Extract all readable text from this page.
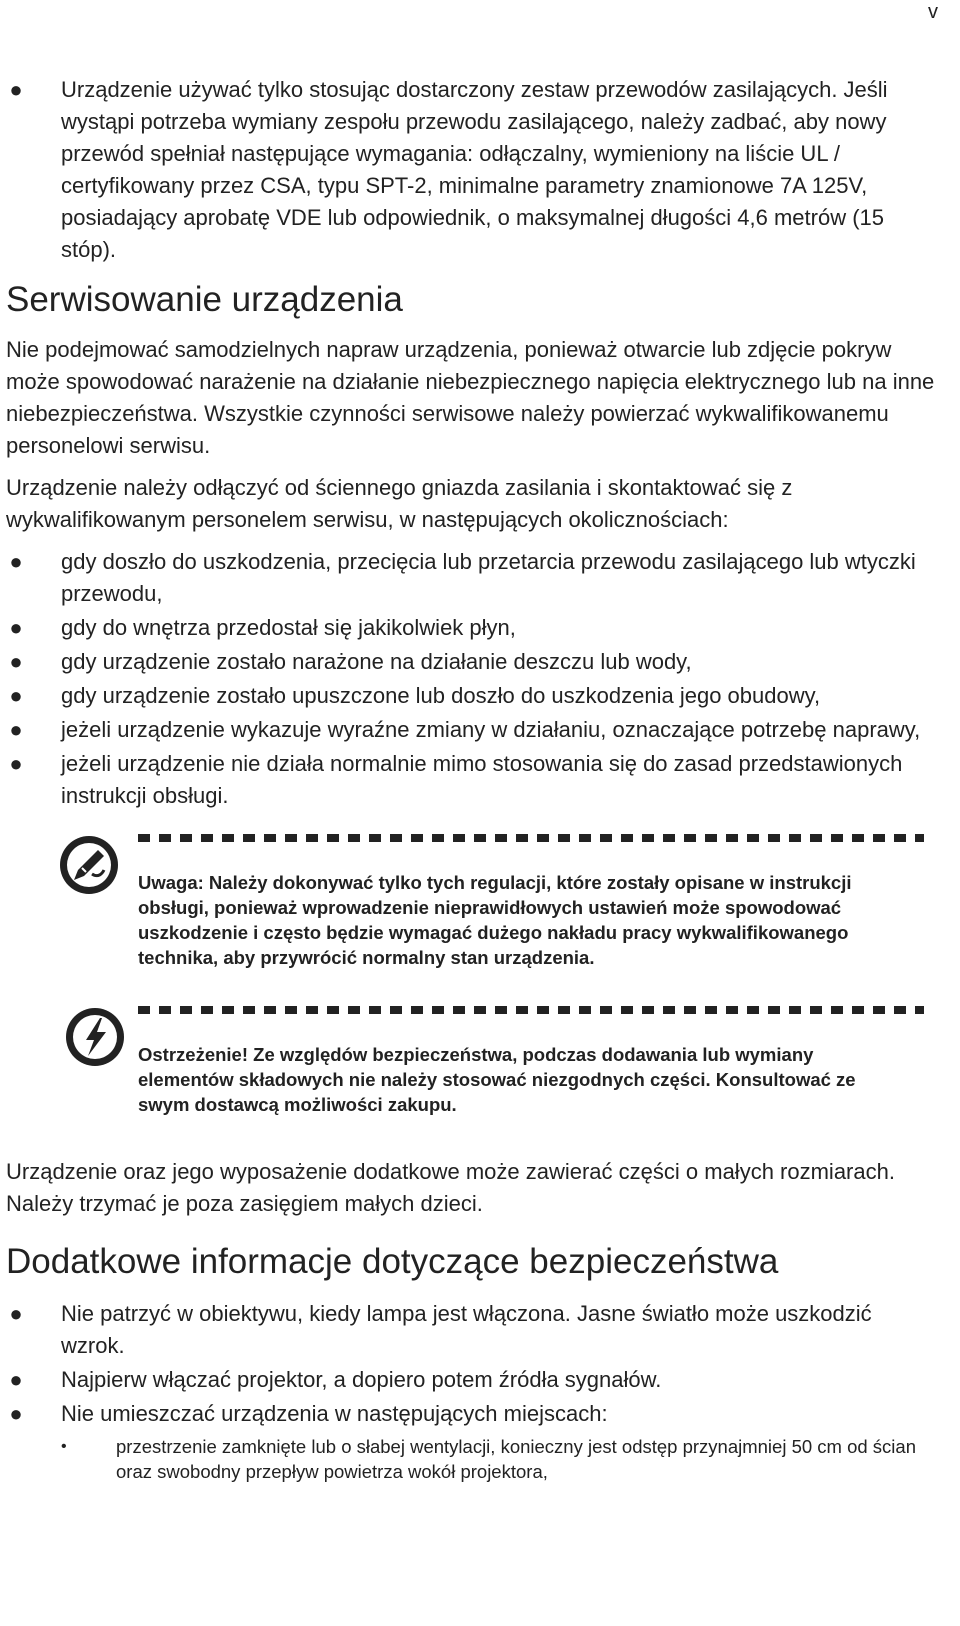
v
● Urządzenie używać tylko stosując dostarczony zestaw przewodów zasilających. Jeśli wystąpi potrzeba wymiany zespołu przewodu zasilającego, należy zadbać, aby nowy przewód spełniał następujące wymagania: odłączalny, wymieniony na liście UL / certyfikowany przez CSA, typu SPT-2, minimalne parametry znamionowe 7A 125V, posiadający aprobatę VDE lub odpowiednik, o maksymalnej długości 4,6 metrów (15 stóp).
Serwisowanie urządzenia

Nie podejmować samodzielnych napraw urządzenia, ponieważ otwarcie lub zdjęcie pokryw może spowodować narażenie na działanie niebezpiecznego napięcia elektrycznego lub na inne niebezpieczeństwa. Wszystkie czynności serwisowe należy powierzać wykwalifikowanemu personelowi serwisu.

Urządzenie należy odłączyć od ściennego gniazda zasilania i skontaktować się z wykwalifikowanym personelem serwisu, w następujących okolicznościach:

● gdy doszło do uszkodzenia, przecięcia lub przetarcia przewodu zasilającego lub wtyczki przewodu,
● gdy do wnętrza przedostał się jakikolwiek płyn,
● gdy urządzenie zostało narażone na działanie deszczu lub wody,
● gdy urządzenie zostało upuszczone lub doszło do uszkodzenia jego obudowy,
● jeżeli urządzenie wykazuje wyraźne zmiany w działaniu, oznaczające potrzebę naprawy,
● jeżeli urządzenie nie działa normalnie mimo stosowania się do zasad przedstawionych instrukcji obsługi.
Uwaga: Należy dokonywać tylko tych regulacji, które zostały opisane w instrukcji obsługi, ponieważ wprowadzenie nieprawidłowych ustawień może spowodować uszkodzenie i często będzie wymagać dużego nakładu pracy wykwalifikowanego technika, aby przywrócić normalny stan urządzenia.
Ostrzeżenie! Ze względów bezpieczeństwa, podczas dodawania lub wymiany elementów składowych nie należy stosować niezgodnych części. Konsultować ze swym dostawcą możliwości zakupu.

Urządzenie oraz jego wyposażenie dodatkowe może zawierać części o małych rozmiarach. Należy trzymać je poza zasięgiem małych dzieci.

Dodatkowe informacje dotyczące bezpieczeństwa
● Nie patrzyć w obiektywu, kiedy lampa jest włączona. Jasne światło może uszkodzić wzrok.
● Najpierw włączać projektor, a dopiero potem źródła sygnałów.
● Nie umieszczać urządzenia w następujących miejscach:
•	przestrzenie zamknięte lub o słabej wentylacji, konieczny jest odstęp przynajmniej 50 cm od ścian oraz swobodny przepływ powietrza wokół projektora,
